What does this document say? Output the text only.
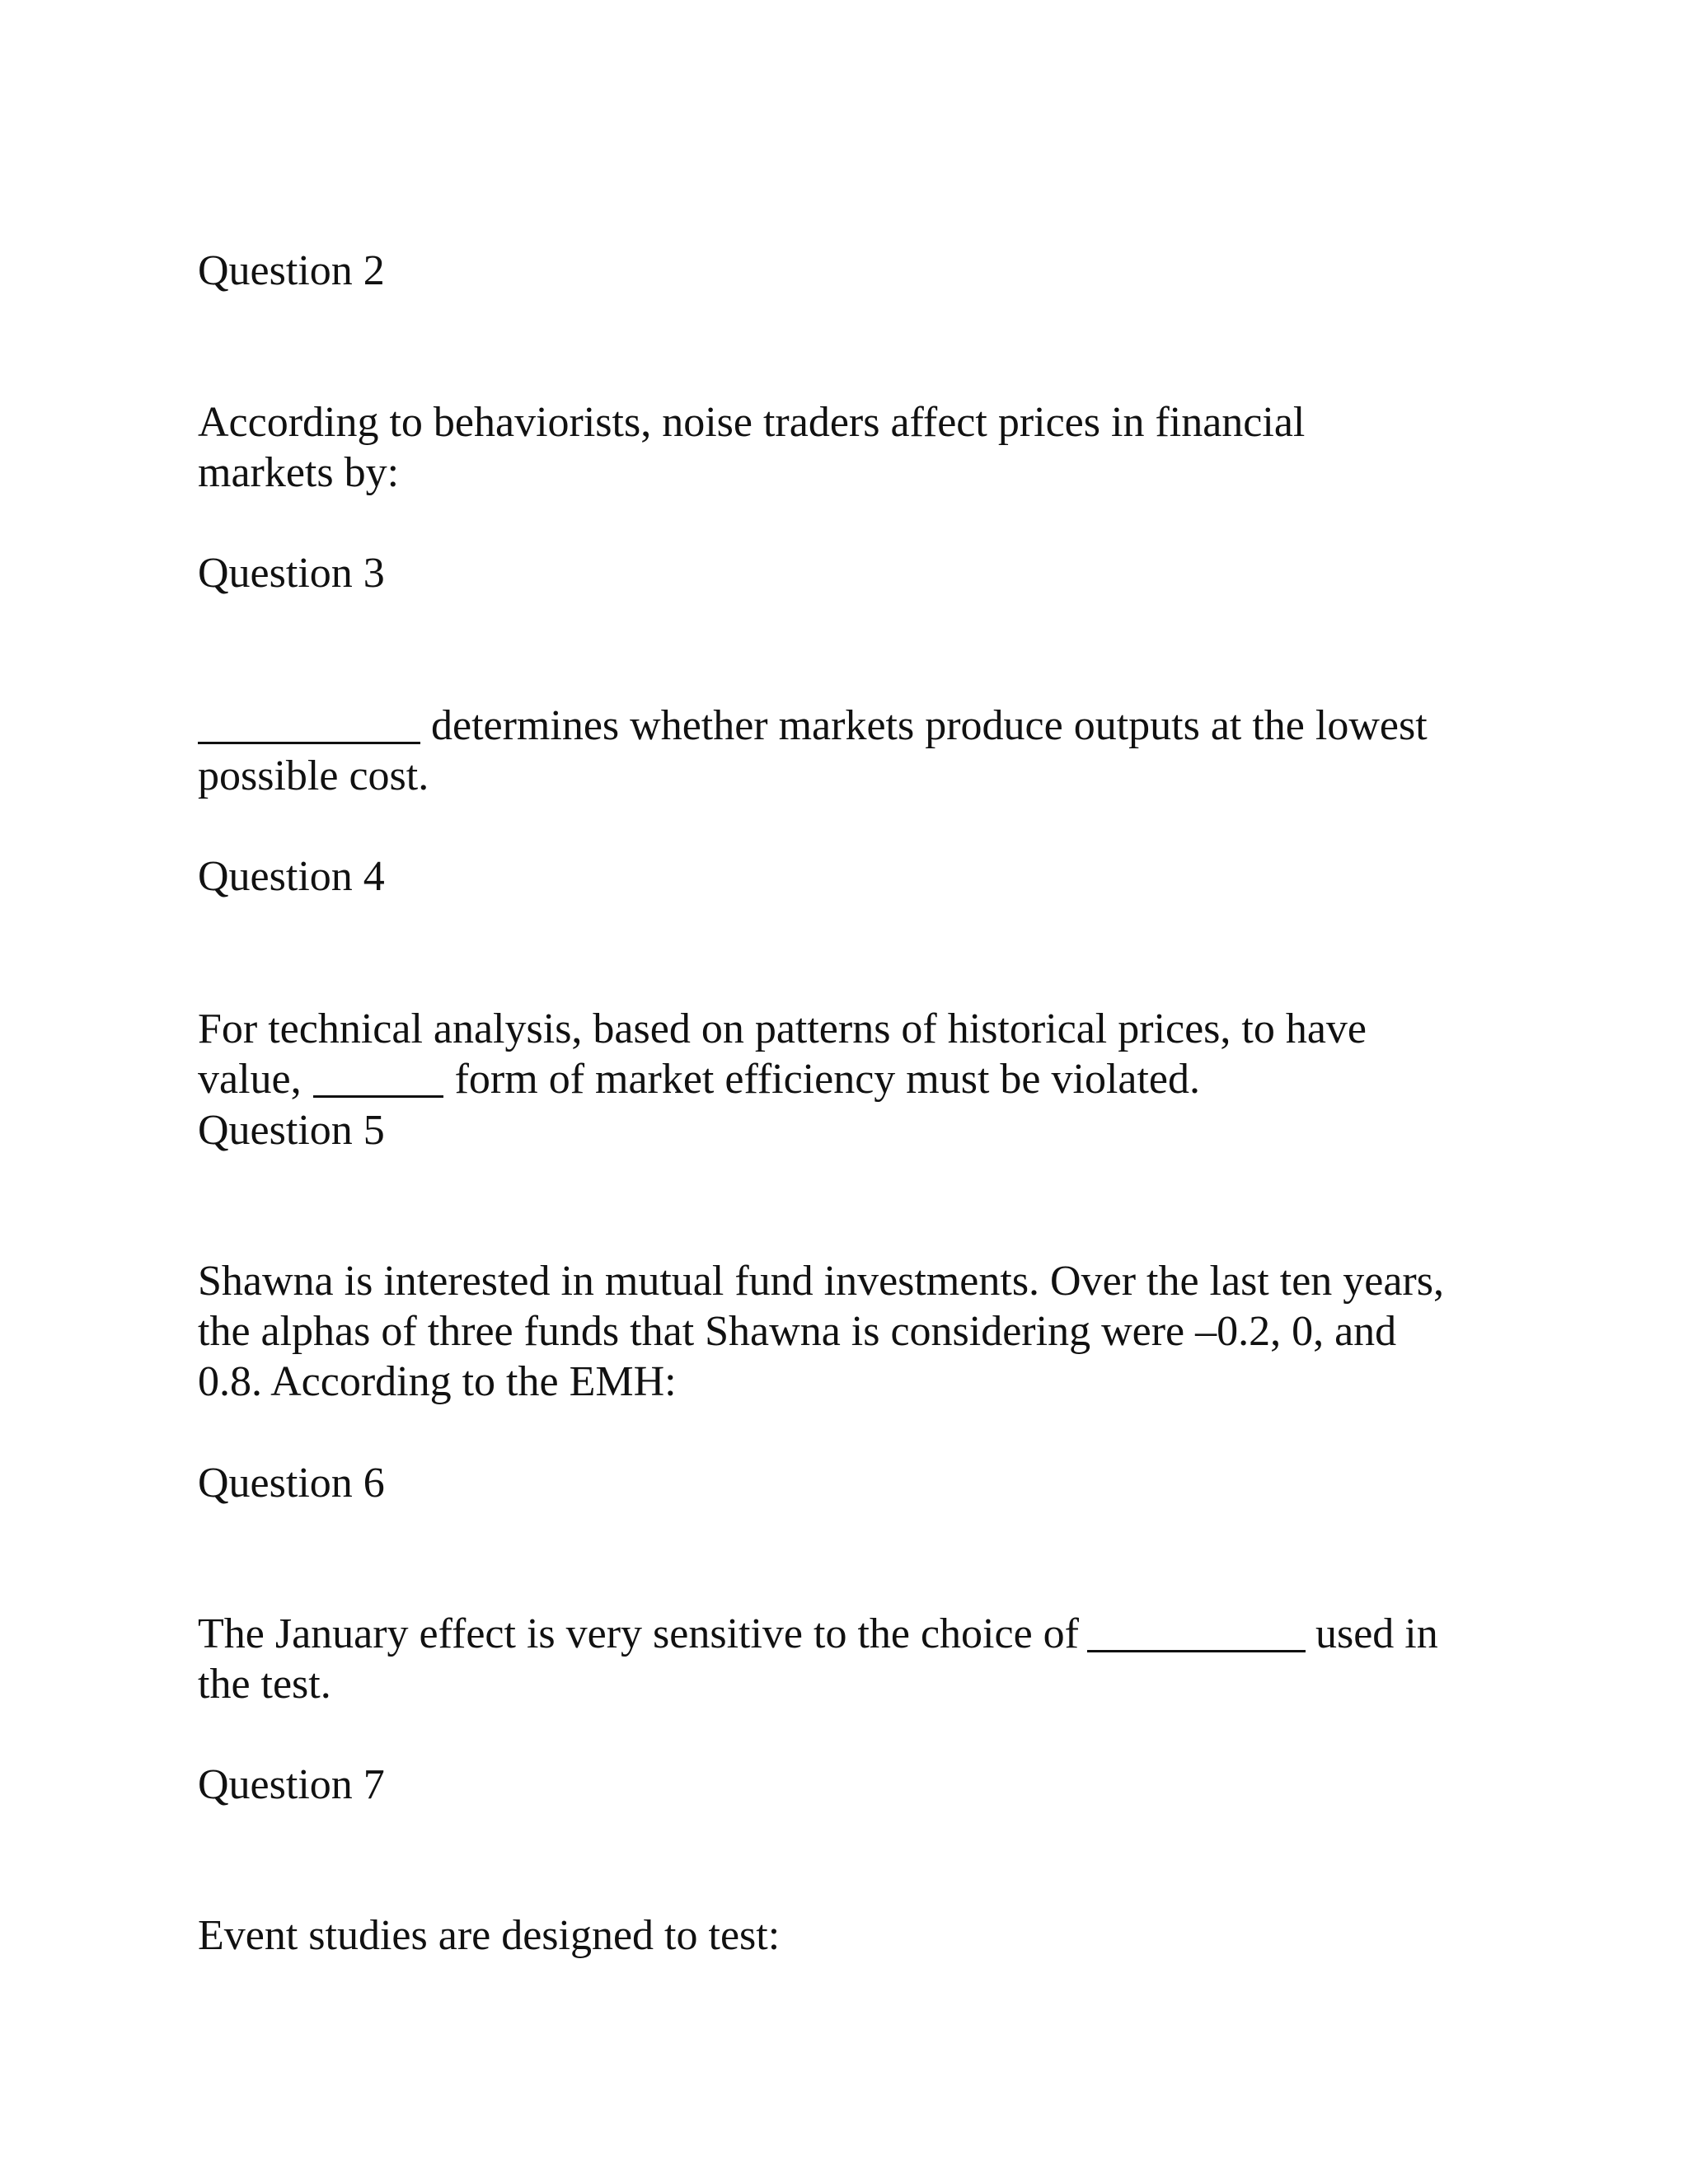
Question 2

According to behaviorists, noise traders affect prices in financial
markets by:

Question 3

determines whether markets produce outputs at the lowest
possible cost.

Question 4

For technical analysis, based on patterns of historical prices, to have
value,	form of market efficiency must be violated.

Question 5

Shawna is interested in mutual fund investments. Over the last ten years,
the alphas of three funds that Shawna is considering were –0.2, 0, and
0.8. According to the EMH:

Question 6

The January effect is very sensitive to the choice of	used in
the test.

Question 7

Event studies are designed to test:
